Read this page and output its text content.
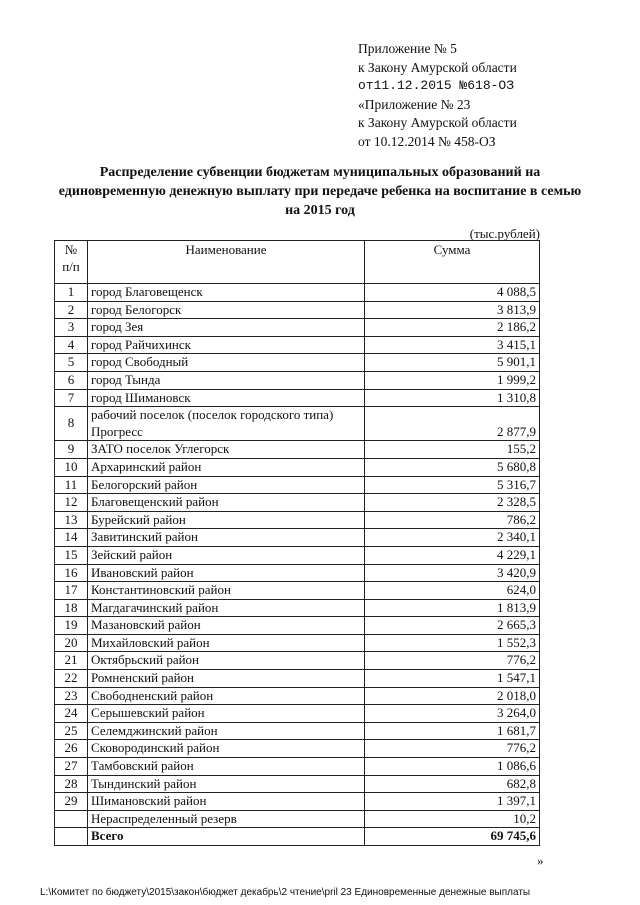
Приложение № 5
к Закону Амурской области
от11.12.2015 №618-ОЗ
«Приложение № 23
к Закону Амурской области
от 10.12.2014 № 458-ОЗ
Распределение субвенции бюджетам муниципальных образований на единовременную денежную выплату при передаче ребенка на воспитание в семью на 2015 год
(тыс.рублей)
№ п/п	Наименование	Сумма
1	город Благовещенск	4 088,5
2	город Белогорск	3 813,9
3	город Зея	2 186,2
4	город Райчихинск	3 415,1
5	город Свободный	5 901,1
6	город Тында	1 999,2
7	город Шимановск	1 310,8
8	рабочий поселок (поселок городского типа) Прогресс	2 877,9
9	ЗАТО поселок Углегорск	155,2
10	Архаринский район	5 680,8
11	Белогорский район	5 316,7
12	Благовещенский район	2 328,5
13	Бурейский район	786,2
14	Завитинский район	2 340,1
15	Зейский район	4 229,1
16	Ивановский район	3 420,9
17	Константиновский район	624,0
18	Магдагачинский район	1 813,9
19	Мазановский район	2 665,3
20	Михайловский район	1 552,3
21	Октябрьский район	776,2
22	Ромненский район	1 547,1
23	Свободненский район	2 018,0
24	Серышевский район	3 264,0
25	Селемджинский район	1 681,7
26	Сковородинский район	776,2
27	Тамбовский район	1 086,6
28	Тындинский район	682,8
29	Шимановский район	1 397,1
	Нераспределенный резерв	10,2
	Всего	69 745,6
»
L:\Комитет по бюджету\2015\закон\бюджет декабрь\2 чтение\pril 23 Единовременные денежные выплаты
